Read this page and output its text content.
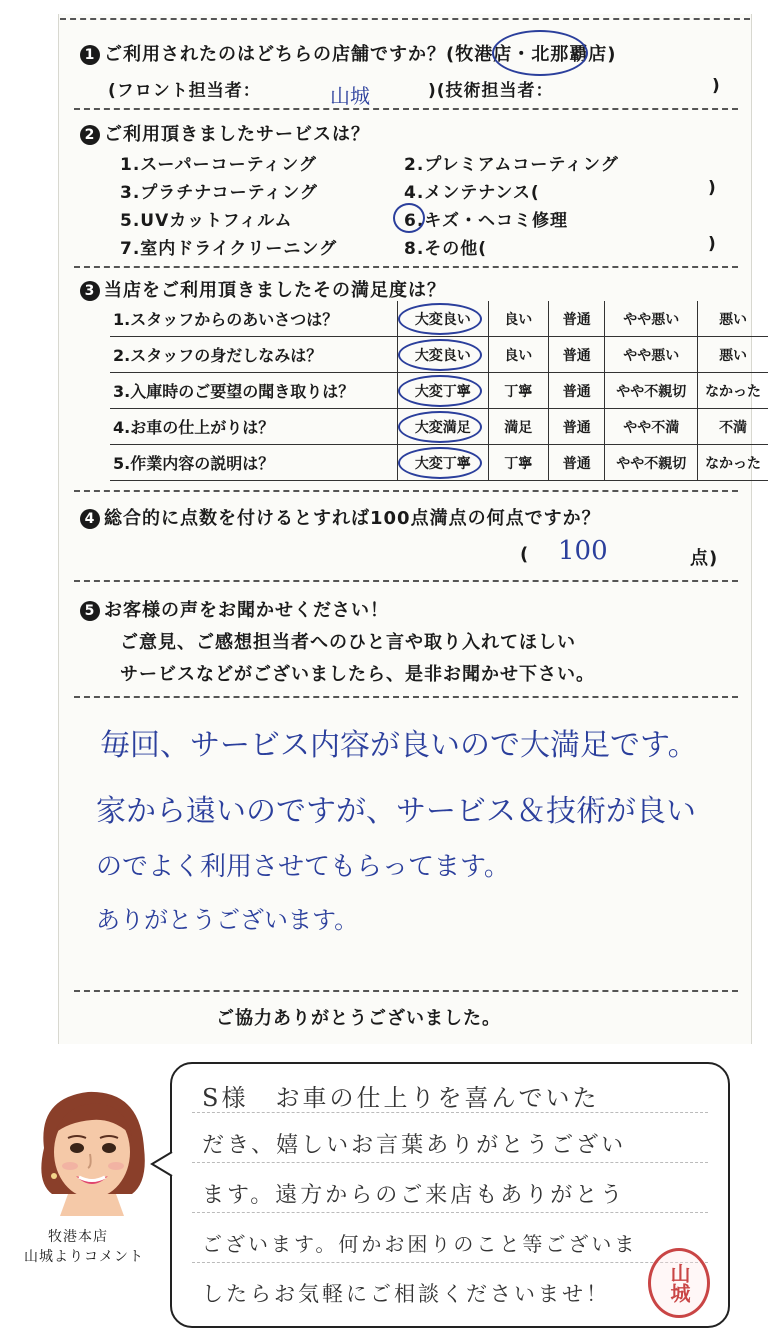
1 ご利用されたのはどちらの店舗ですか？(牧港店・北那覇店)
(フロント担当者：	山城	)(技術担当者：	)
2 ご利用頂きましたサービスは？
1.スーパーコーティング	2.プレミアムコーティング
3.プラチナコーティング	4.メンテナンス(	)
5.UVカットフィルム	6.キズ・ヘコミ修理
7.室内ドライクリーニング	8.その他(	)
3 当店をご利用頂きましたその満足度は？
1.スタッフからのあいさつは？	大変良い	良い	普通	やや悪い	悪い
2.スタッフの身だしなみは？	大変良い	良い	普通	やや悪い	悪い
3.入庫時のご要望の聞き取りは？	大変丁寧	丁寧	普通	やや不親切	なかった
4.お車の仕上がりは？	大変満足	満足	普通	やや不満	不満
5.作業内容の説明は？	大変丁寧	丁寧	普通	やや不親切	なかった
4 総合的に点数を付けるとすれば100点満点の何点ですか？
( 100	点)
5 お客様の声をお聞かせください！
ご意見、ご感想担当者へのひと言や取り入れてほしい
サービスなどがございましたら、是非お聞かせ下さい。
毎回、サービス内容が良いので大満足です。
家から遠いのですが、サービス＆技術が良い
のでよく利用させてもらってます。
ありがとうございます。
ご協力ありがとうございました。
牧港本店
山城よりコメント
S様　お車の仕上りを喜んでいた
だき、嬉しいお言葉ありがとうござい
ます。遠方からのご来店もありがとう
ございます。何かお困りのこと等ございま
したらお気軽にご相談くださいませ！	山城
